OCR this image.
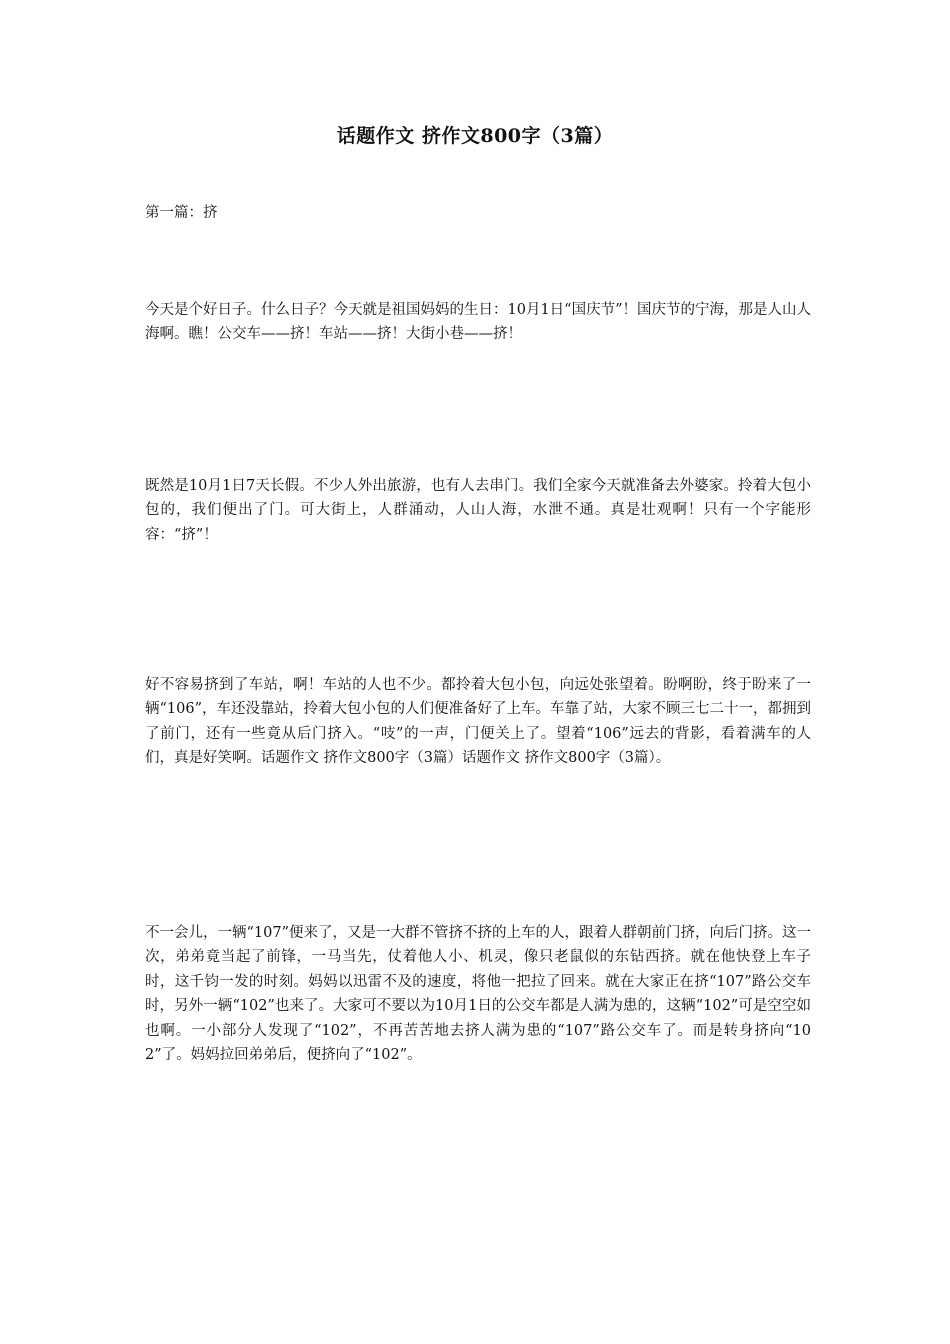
话题作文 挤作文800字（3篇）
第一篇：挤

今天是个好日子。什么日子？今天就是祖国妈妈的生日：10月1日“国庆节”！国庆节的宁海，那是人山人海啊。瞧！公交车——挤！车站——挤！大街小巷——挤！

既然是10月1日7天长假。不少人外出旅游，也有人去串门。我们全家今天就准备去外婆家。拎着大包小包的，我们便出了门。可大街上，人群涌动，人山人海，水泄不通。真是壮观啊！只有一个字能形容：“挤”！

好不容易挤到了车站，啊！车站的人也不少。都拎着大包小包，向远处张望着。盼啊盼，终于盼来了一辆“106”，车还没靠站，拎着大包小包的人们便准备好了上车。车靠了站，大家不顾三七二十一，都拥到了前门，还有一些竟从后门挤入。“吱”的一声，门便关上了。望着“106”远去的背影，看着满车的人们，真是好笑啊。话题作文 挤作文800字（3篇）话题作文 挤作文800字（3篇）。

不一会儿，一辆“107”便来了，又是一大群不管挤不挤的上车的人，跟着人群朝前门挤，向后门挤。这一次，弟弟竟当起了前锋，一马当先，仗着他人小、机灵，像只老鼠似的东钻西挤。就在他快登上车子时，这千钧一发的时刻。妈妈以迅雷不及的速度，将他一把拉了回来。就在大家正在挤“107”路公交车时，另外一辆“102”也来了。大家可不要以为10月1日的公交车都是人满为患的，这辆“102”可是空空如也啊。一小部分人发现了“102”，不再苦苦地去挤人满为患的“107”路公交车了。而是转身挤向“102”了。妈妈拉回弟弟后，便挤向了“102”。
